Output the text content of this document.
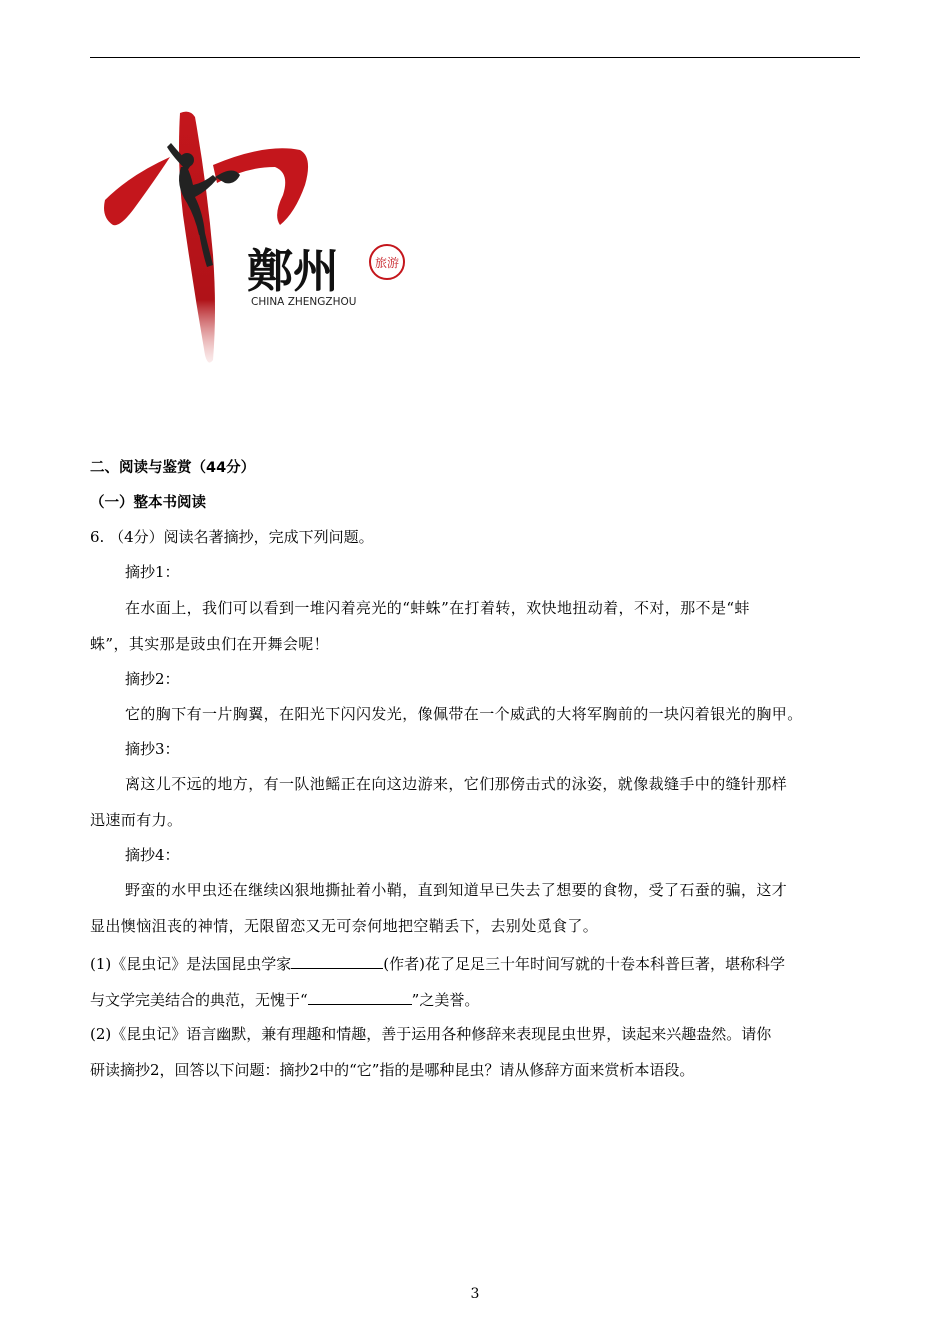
鄭州	旅游
CHINA ZHENGZHOU
二、阅读与鉴赏（44分）
（一）整本书阅读
6. （4分）阅读名著摘抄，完成下列问题。
摘抄1：
在水面上，我们可以看到一堆闪着亮光的“蚌蛛”在打着转，欢快地扭动着，不对，那不是“蚌
蛛”，其实那是豉虫们在开舞会呢！
摘抄2：
它的胸下有一片胸翼，在阳光下闪闪发光，像佩带在一个威武的大将军胸前的一块闪着银光的胸甲。
摘抄3：
离这儿不远的地方，有一队池鳐正在向这边游来，它们那傍击式的泳姿，就像裁缝手中的缝针那样
迅速而有力。
摘抄4：
野蛮的水甲虫还在继续凶狠地撕扯着小鞘，直到知道早已失去了想要的食物，受了石蚕的骗，这才
显出懊恼沮丧的神情，无限留恋又无可奈何地把空鞘丢下，去别处觅食了。
(1)《昆虫记》是法国昆虫学家	(作者)花了足足三十年时间写就的十卷本科普巨著，堪称科学
与文学完美结合的典范，无愧于“	”之美誉。
(2)《昆虫记》语言幽默，兼有理趣和情趣，善于运用各种修辞来表现昆虫世界，读起来兴趣盎然。请你
研读摘抄2，回答以下问题：摘抄2中的“它”指的是哪种昆虫？请从修辞方面来赏析本语段。
3
